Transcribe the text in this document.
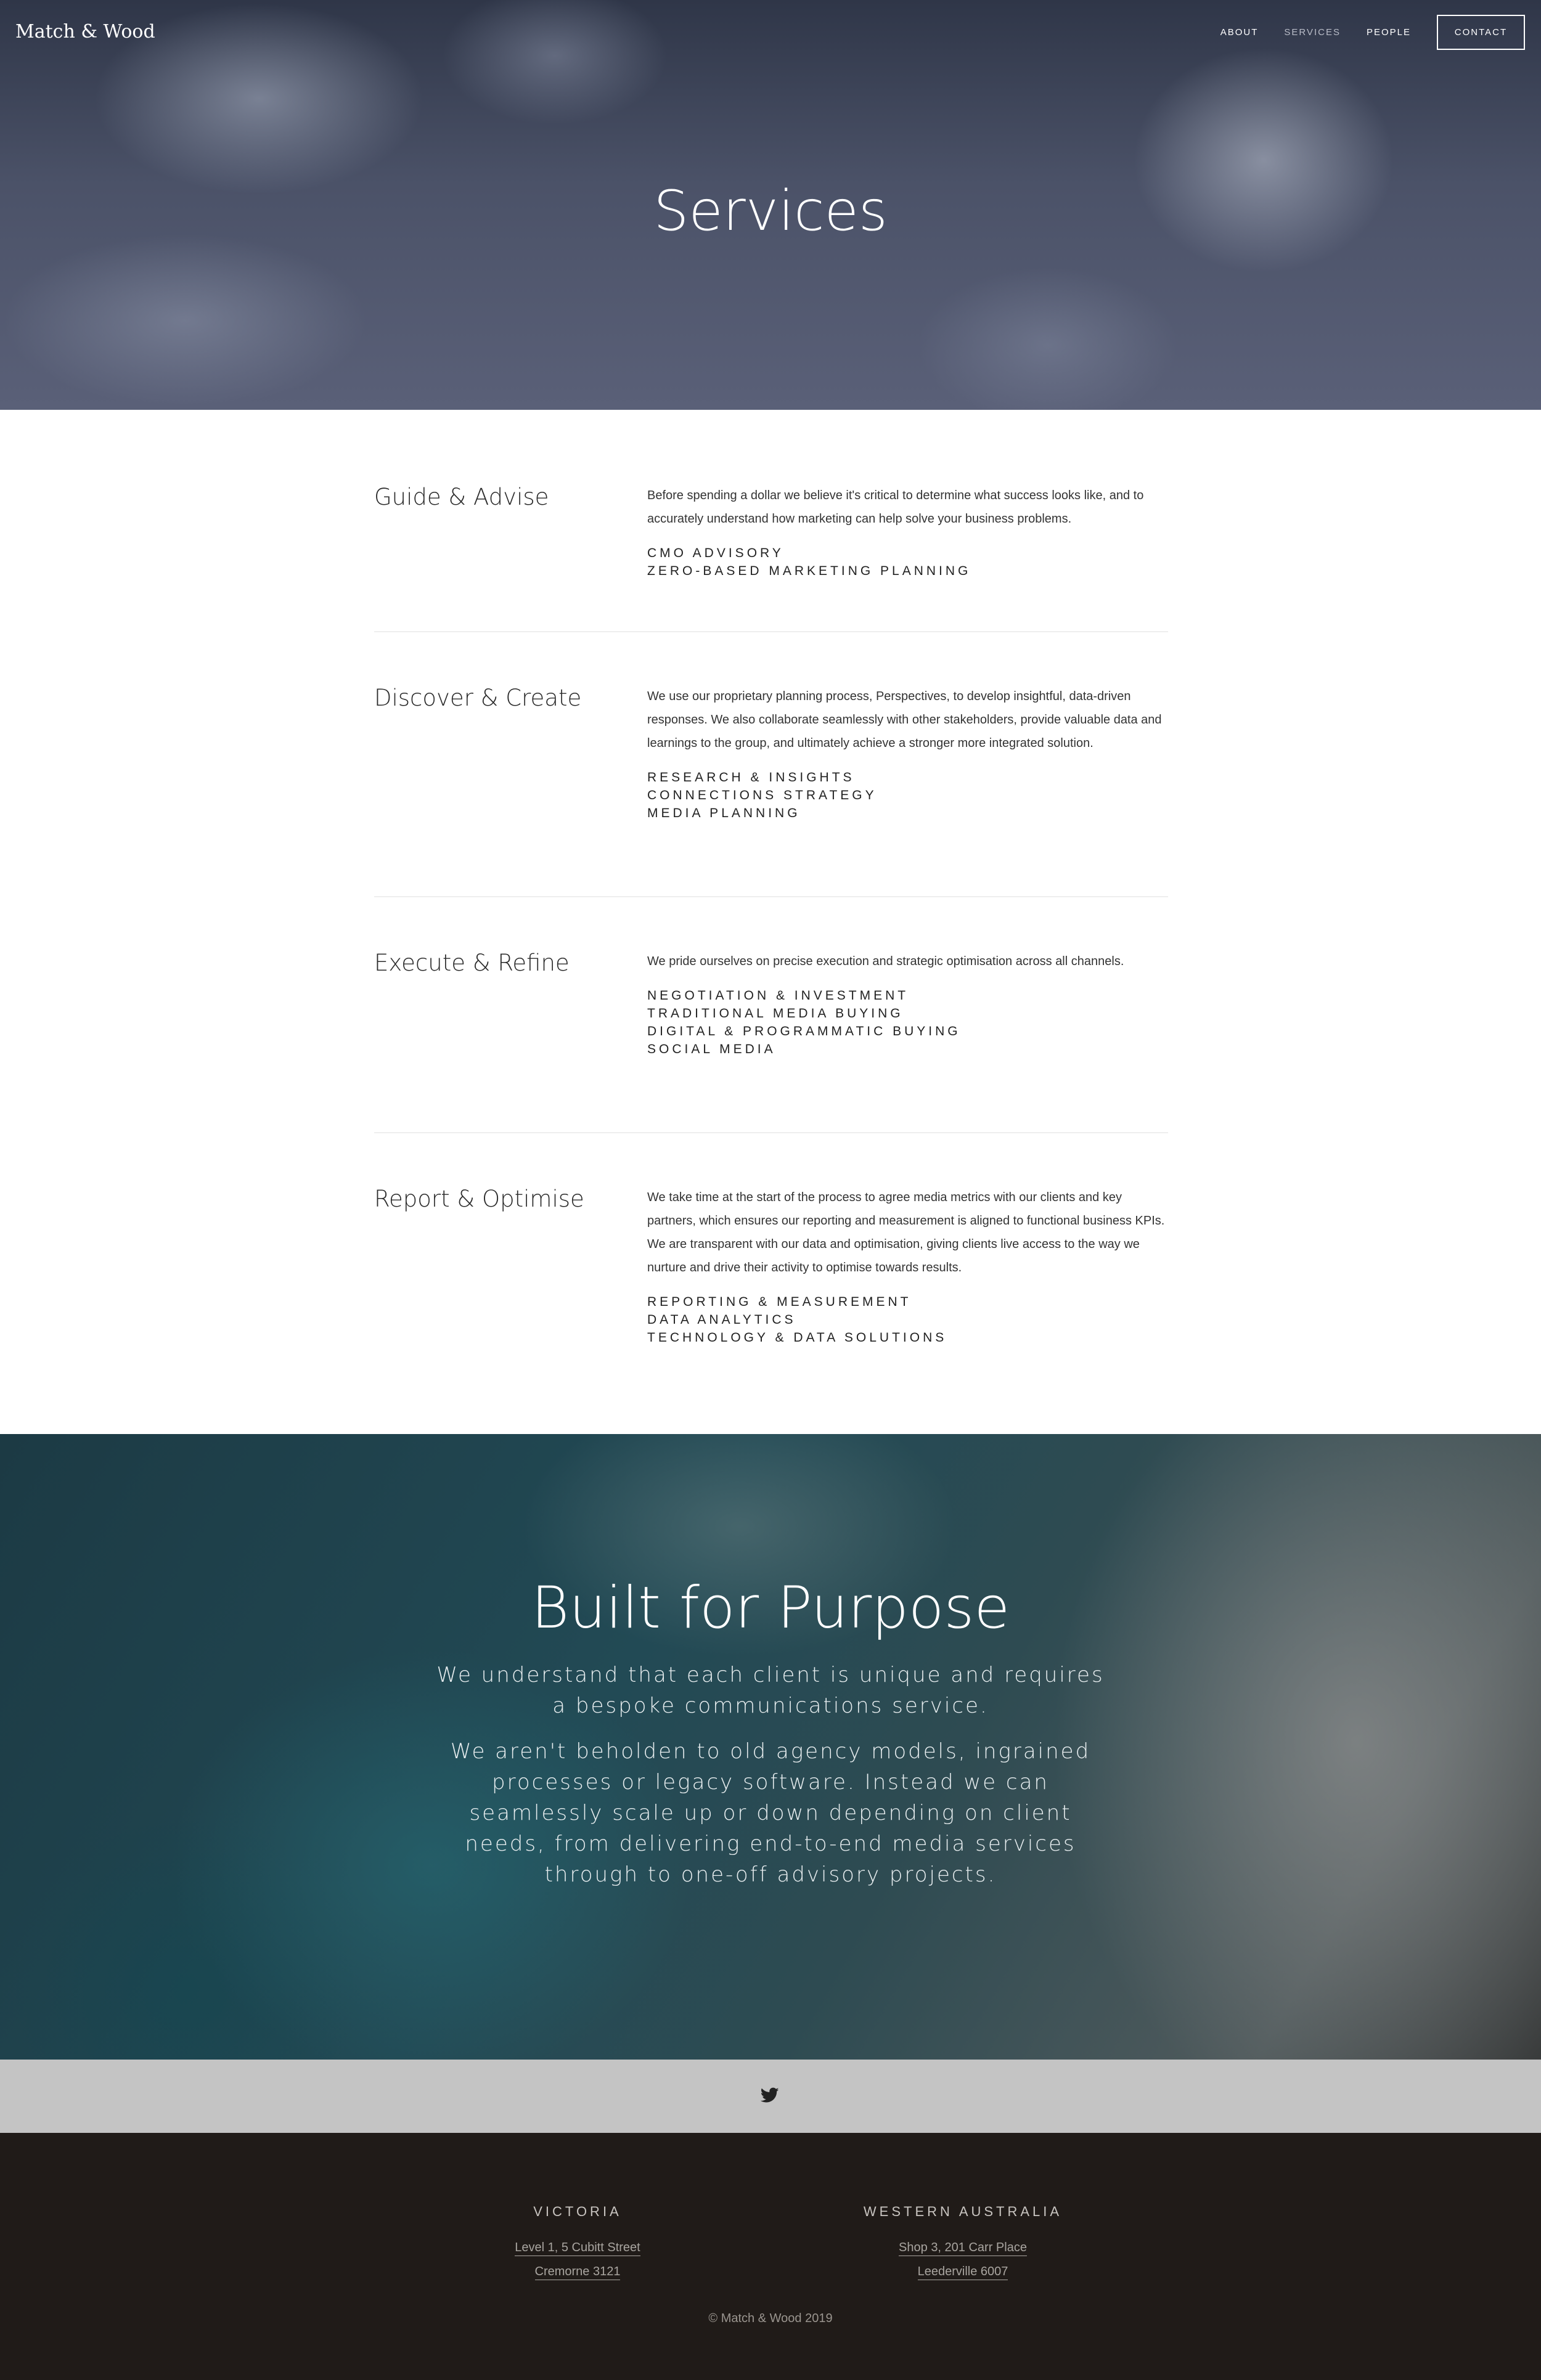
Match & Wood	ABOUT	SERVICES	PEOPLE	CONTACT
Services
Guide & Advise	Before spending a dollar we believe it's critical to determine what success looks like, and to accurately understand how marketing can help solve your business problems.

CMO ADVISORY
ZERO-BASED MARKETING PLANNING
Discover & Create	We use our proprietary planning process, Perspectives, to develop insightful, data-driven responses. We also collaborate seamlessly with other stakeholders, provide valuable data and learnings to the group, and ultimately achieve a stronger more integrated solution.

RESEARCH & INSIGHTS
CONNECTIONS STRATEGY
MEDIA PLANNING
Execute & Refine	We pride ourselves on precise execution and strategic optimisation across all channels.

NEGOTIATION & INVESTMENT
TRADITIONAL MEDIA BUYING
DIGITAL & PROGRAMMATIC BUYING
SOCIAL MEDIA
Report & Optimise	We take time at the start of the process to agree media metrics with our clients and key partners, which ensures our reporting and measurement is aligned to functional business KPIs. We are transparent with our data and optimisation, giving clients live access to the way we nurture and drive their activity to optimise towards results.

REPORTING & MEASUREMENT
DATA ANALYTICS
TECHNOLOGY & DATA SOLUTIONS
Built for Purpose

We understand that each client is unique and requires a bespoke communications service.

We aren't beholden to old agency models, ingrained processes or legacy software. Instead we can seamlessly scale up or down depending on client needs, from delivering end-to-end media services through to one-off advisory projects.

VICTORIA
Level 1, 5 Cubitt Street
Cremorne 3121
WESTERN AUSTRALIA
Shop 3, 201 Carr Place
Leederville 6007
© Match & Wood 2019
